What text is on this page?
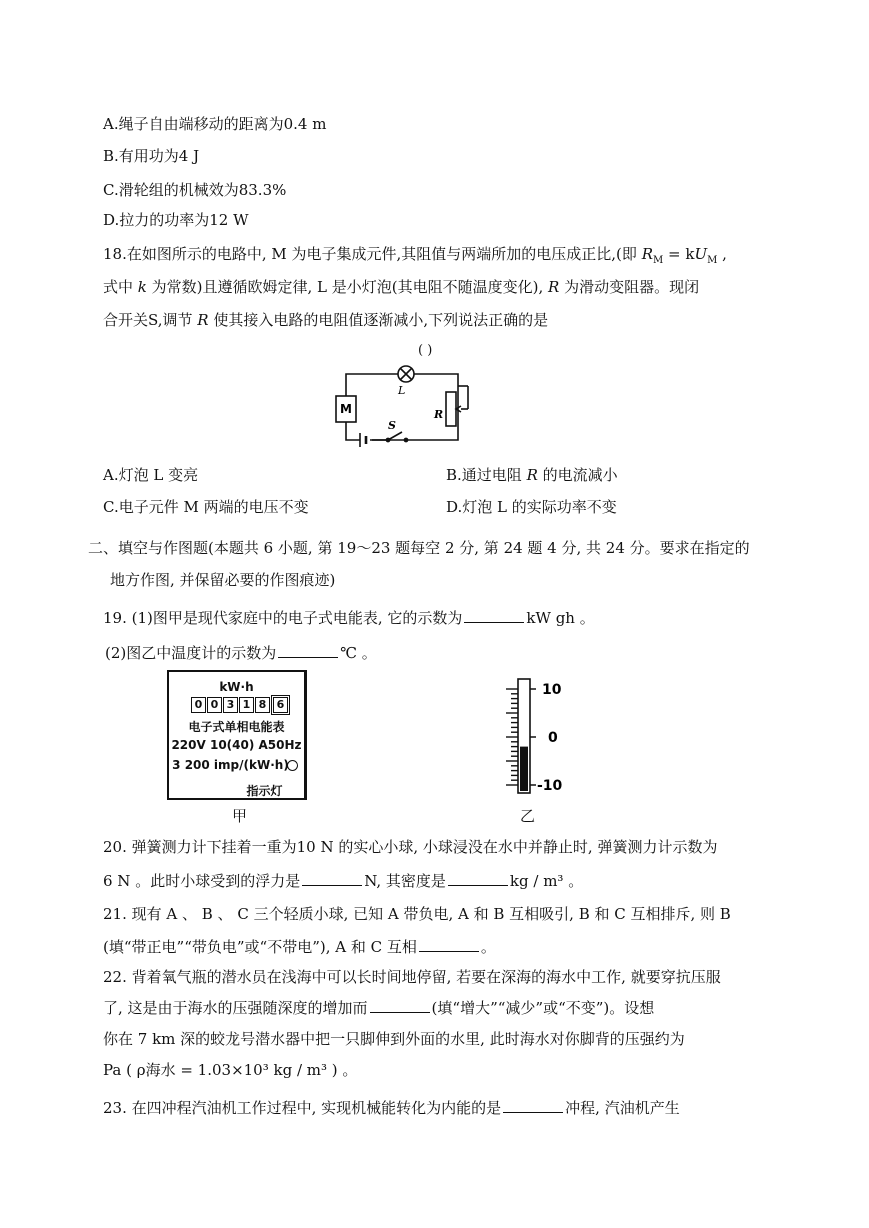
A.绳子自由端移动的距离为0.4 m
B.有用功为4 J
C.滑轮组的机械效为83.3%
D.拉力的功率为12 W
18.在如图所示的电路中, M 为电子集成元件,其阻值与两端所加的电压成正比,(即 $R_M = kU_M$ ,
式中 k 为常数)且遵循欧姆定律, L 是小灯泡(其电阻不随温度变化), R 为滑动变阻器。现闭
合开关S,调节 R 使其接入电路的电阻值逐渐减小,下列说法正确的是
( )
L
M	R
S
A.灯泡 L 变亮	B.通过电阻 R 的电流减小
C.电子元件 M 两端的电压不变	D.灯泡 L 的实际功率不变
二、填空与作图题(本题共 6 小题, 第 19～23 题每空 2 分, 第 24 题 4 分, 共 24 分。要求在指定的
地方作图, 并保留必要的作图痕迹)
19. (1)图甲是现代家庭中的电子式电能表, 它的示数为	kW gh 。
(2)图乙中温度计的示数为	℃ 。
kW·h
0 0 3 1 8 6
电子式单相电能表
220V 10(40) A50Hz
3 200 imp/(kW·h)
指示灯
甲
10
0
-10
乙
20. 弹簧测力计下挂着一重为10 N 的实心小球, 小球浸没在水中并静止时, 弹簧测力计示数为
6 N 。此时小球受到的浮力是	N, 其密度是	kg / m³ 。
21. 现有 A 、 B 、 C 三个轻质小球, 已知 A 带负电, A 和 B 互相吸引, B 和 C 互相排斥, 则 B
(填“带正电”“带负电”或“不带电”), A 和 C 互相	。
22. 背着氧气瓶的潜水员在浅海中可以长时间地停留, 若要在深海的海水中工作, 就要穿抗压服
了, 这是由于海水的压强随深度的增加而	(填“增大”“减少”或“不变”)。设想
你在 7 km 深的蛟龙号潜水器中把一只脚伸到外面的水里, 此时海水对你脚背的压强约为
Pa ( ρ海水 = 1.03×10³ kg / m³ ) 。
23. 在四冲程汽油机工作过程中, 实现机械能转化为内能的是	冲程, 汽油机产生
